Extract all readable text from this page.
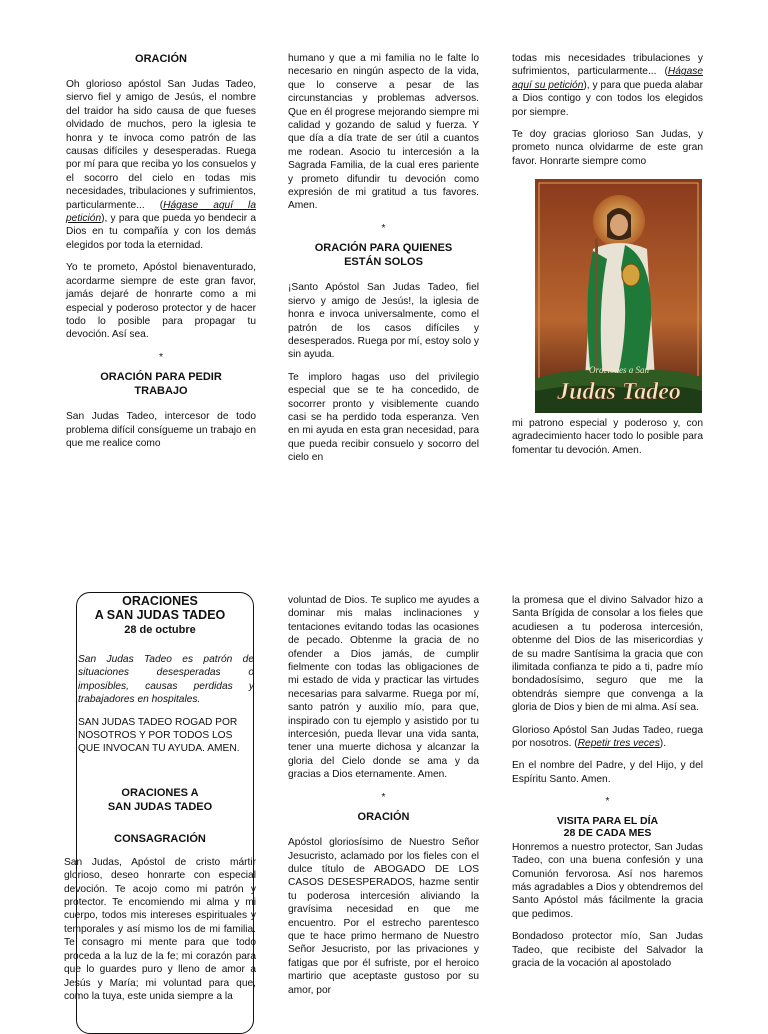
ORACIÓN

Oh glorioso apóstol San Judas Tadeo, siervo fiel y amigo de Jesús, el nombre del traidor ha sido causa de que fueses olvidado de muchos, pero la iglesia te honra y te invoca como patrón de las causas difíciles y desesperadas. Ruega por mí para que reciba yo los consuelos y el socorro del cielo en todas mis necesidades, tribulaciones y sufrimientos, particularmente... (Hágase aquí la petición), y para que pueda yo bendecir a Dios en tu compañía y con los demás elegidos por toda la eternidad.

Yo te prometo, Apóstol bienaventurado, acordarme siempre de este gran favor, jamás dejaré de honrarte como a mi especial y poderoso protector y de hacer todo lo posible para propagar tu devoción. Así sea.

*
ORACIÓN PARA PEDIR TRABAJO

San Judas Tadeo, intercesor de todo problema difícil consígueme un trabajo en que me realice como

humano y que a mi familia no le falte lo necesario en ningún aspecto de la vida, que lo conserve a pesar de las circunstancias y problemas adversos. Que en él progrese mejorando siempre mi calidad y gozando de salud y fuerza. Y que día a día trate de ser útil a cuantos me rodean. Asocio tu intercesión a la Sagrada Familia, de la cual eres pariente y prometo difundir tu devoción como expresión de mi gratitud a tus favores. Amen.

*
ORACIÓN PARA QUIENES ESTÁN SOLOS

¡Santo Apóstol San Judas Tadeo, fiel siervo y amigo de Jesús!, la iglesia de honra e invoca universalmente, como el patrón de los casos difíciles y desesperados. Ruega por mí, estoy solo y sin ayuda.

Te imploro hagas uso del privilegio especial que se te ha concedido, de socorrer pronto y visiblemente cuando casi se ha perdido toda esperanza. Ven en mi ayuda en esta gran necesidad, para que pueda recibir consuelo y socorro del cielo en

todas mis necesidades tribulaciones y sufrimientos, particularmente... (Hágase aquí su petición), y para que pueda alabar a Dios contigo y con todos los elegidos por siempre.

Te doy gracias glorioso San Judas, y prometo nunca olvidarme de este gran favor. Honrarte siempre como

Oraciones a San
Judas Tadeo

mi patrono especial y poderoso y, con agradecimiento hacer todo lo posible para fomentar tu devoción. Amen.

ORACIONES
A SAN JUDAS TADEO
28 de octubre

San Judas Tadeo es patrón de situaciones desesperadas o imposibles, causas perdidas y trabajadores en hospitales.

SAN JUDAS TADEO ROGAD POR NOSOTROS Y POR TODOS LOS QUE INVOCAN TU AYUDA. AMEN.

ORACIONES A
SAN JUDAS TADEO
CONSAGRACIÓN

San Judas, Apóstol de cristo mártir glorioso, deseo honrarte con especial devoción. Te acojo como mi patrón y protector. Te encomiendo mi alma y mi cuerpo, todos mis intereses espirituales y temporales y así mismo los de mi familia. Te consagro mi mente para que todo proceda a la luz de la fe; mi corazón para que lo guardes puro y lleno de amor a Jesús y María; mi voluntad para que, como la tuya, este unida siempre a la

voluntad de Dios. Te suplico me ayudes a dominar mis malas inclinaciones y tentaciones evitando todas las ocasiones de pecado. Obtenme la gracia de no ofender a Dios jamás, de cumplir fielmente con todas las obligaciones de mi estado de vida y practicar las virtudes necesarias para salvarme. Ruega por mí, santo patrón y auxilio mío, para que, inspirado con tu ejemplo y asistido por tu intercesión, pueda llevar una vida santa, tener una muerte dichosa y alcanzar la gloria del Cielo donde se ama y da gracias a Dios eternamente. Amen.

*
ORACIÓN

Apóstol gloriosísimo de Nuestro Señor Jesucristo, aclamado por los fieles con el dulce título de ABOGADO DE LOS CASOS DESESPERADOS, hazme sentir tu poderosa intercesión aliviando la gravísima necesidad en que me encuentro. Por el estrecho parentesco que te hace primo hermano de Nuestro Señor Jesucristo, por las privaciones y fatigas que por él sufriste, por el heroico martirio que aceptaste gustoso por su amor, por

la promesa que el divino Salvador hizo a Santa Brígida de consolar a los fieles que acudiesen a tu poderosa intercesión, obtenme del Dios de las misericordias y de su madre Santísima la gracia que con ilimitada confianza te pido a ti, padre mío bondadosísimo, seguro que me la obtendrás siempre que convenga a la gloria de Dios y bien de mi alma. Así sea.

Glorioso Apóstol San Judas Tadeo, ruega por nosotros. (Repetir tres veces).

En el nombre del Padre, y del Hijo, y del Espíritu Santo. Amen.

*
VISITA PARA EL DÍA
28 DE CADA MES

Honremos a nuestro protector, San Judas Tadeo, con una buena confesión y una Comunión fervorosa. Así nos haremos más agradables a Dios y obtendremos del Santo Apóstol más fácilmente la gracia que pedimos.

Bondadoso protector mío, San Judas Tadeo, que recibiste del Salvador la gracia de la vocación al apostolado
